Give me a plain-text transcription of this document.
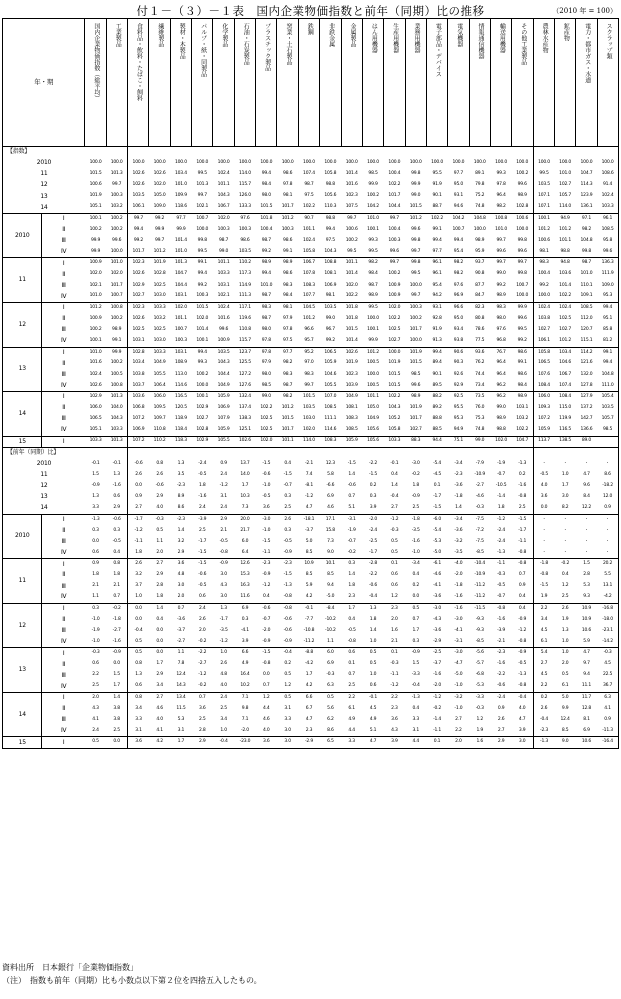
付１－（３）－１表　国内企業物価指数と前年（同期）比の推移	（2010 年 = 100）
年・期		国内企業物価指数（総平均）	工業製品	食料品・飲料・たばこ・飼料	繊維製品	製材・木製品	パルプ・紙・同製品	化学製品	石油・石炭製品	プラスチック製品	窯業・土石製品	鉄鋼	非鉄金属	金属製品	はん用機器	生産用機器	業務用機器	電子部品・デバイス	電気機器	情報通信機器	輸送用機器	その他工業製品	農林水産物	鉱産物	電力・都市ガス・水道	スクラップ類
【指数】																										
2010		100.0	100.0	100.0	100.0	100.0	100.0	100.0	100.0	100.0	100.0	100.0	100.0	100.0	100.0	100.0	100.0	100.0	100.0	100.0	100.0	100.0	100.0	100.0	100.0	100.0
11		101.5	101.3	102.6	102.6	103.4	99.5	102.4	114.0	99.4	98.6	107.4	105.8	101.4	98.5	100.4	99.8	95.5	97.7	89.1	99.3	100.2	99.5	101.0	104.7	108.6
12		100.6	99.7	102.6	102.0	101.0	101.3	101.1	115.7	98.4	97.8	98.7	98.8	101.6	99.9	102.2	99.9	91.9	95.0	79.8	97.8	99.6	103.5	102.7	114.3	91.4
13		101.9	100.3	103.5	105.0	109.9	99.7	104.3	126.0	98.0	98.1	97.5	105.6	102.3	100.2	101.7	99.0	90.1	93.1	75.2	96.4	98.9	107.1	105.7	123.9	102.4
14		105.1	103.2	106.1	109.0	118.6	102.1	106.7	133.3	101.5	101.7	102.2	110.3	107.5	104.2	104.4	101.5	88.7	94.6	74.8	98.2	102.8	107.1	114.0	136.1	103.3
2010	Ⅰ	100.1	100.2	99.7	99.2	97.7	100.7	102.0	97.6	101.8	101.2	90.7	98.8	99.7	101.0	99.7	101.2	102.2	104.2	104.8	100.8	100.6	100.1	94.9	97.1	96.1
	Ⅱ	100.2	100.2	99.4	99.9	99.9	100.0	100.3	100.3	100.4	100.3	101.1	99.4	100.6	100.1	100.4	99.6	99.1	100.7	100.0	101.0	100.0	101.2	101.2	98.2	108.5
	Ⅲ	99.9	99.6	99.2	99.7	101.4	99.8	98.7	98.6	98.7	98.6	102.4	97.5	100.2	99.3	100.3	99.8	99.4	99.4	98.9	99.7	99.8	100.6	101.1	104.8	95.8
	Ⅳ	99.9	100.0	101.7	101.2	101.0	99.5	99.0	103.5	99.2	99.1	105.8	104.3	99.5	99.5	99.6	99.7	97.7	95.4	95.9	99.6	99.6	98.1	98.8	99.8	99.6
11	Ⅰ	100.9	101.0	102.3	101.9	101.3	99.1	101.1	110.2	98.9	98.9	106.7	108.8	101.1	98.2	99.7	99.8	96.1	98.2	93.7	99.7	99.7	98.3	94.8	98.7	136.3
	Ⅱ	102.0	102.0	102.6	102.8	104.7	99.4	103.3	117.3	99.4	98.6	107.8	108.1	101.4	98.4	100.2	99.5	96.1	98.2	90.8	99.0	99.8	100.4	103.6	101.0	111.9
	Ⅲ	102.1	101.7	102.9	102.5	104.4	99.2	103.1	114.9	101.0	98.3	108.3	106.9	102.0	98.7	100.9	100.0	95.4	97.6	87.7	99.2	100.7	99.2	101.4	110.1	109.0
	Ⅳ	101.0	100.7	102.7	103.0	103.1	100.3	102.1	111.3	98.7	98.4	107.7	98.1	102.2	98.9	100.9	99.7	94.2	96.9	84.7	98.9	100.0	100.0	102.2	109.1	95.3
12	Ⅰ	101.2	100.8	102.3	103.3	102.0	101.5	102.4	117.1	98.3	98.1	104.5	103.5	101.8	99.5	102.0	100.3	93.1	96.6	82.3	98.3	99.9	102.4	102.4	108.5	99.4
	Ⅱ	100.9	100.2	102.6	103.2	101.1	102.0	101.6	119.6	98.7	97.9	101.2	99.0	101.8	100.0	102.2	100.2	92.8	95.0	80.8	98.0	99.6	103.8	102.5	112.0	95.1
	Ⅲ	100.2	98.9	102.5	102.5	100.7	101.4	99.6	110.8	98.0	97.8	96.6	96.7	101.5	100.1	102.5	101.7	91.9	93.4	78.6	97.6	99.5	102.7	102.7	120.7	85.8
	Ⅳ	100.1	99.1	103.1	103.0	100.3	100.1	100.9	115.7	97.8	97.5	95.7	99.2	101.4	99.9	102.7	100.0	91.3	93.8	77.5	96.8	99.2	106.1	101.2	115.1	81.2
13	Ⅰ	101.0	99.9	102.8	103.3	103.1	99.4	103.5	123.7	97.8	97.7	95.2	106.5	102.6	101.2	100.0	101.9	99.4	90.6	93.6	76.7	98.6	105.8	103.4	114.2	99.1
	Ⅱ	101.6	100.2	103.4	104.9	108.9	99.3	104.3	125.5	97.9	98.2	97.0	105.9	101.9	100.5	101.9	101.5	89.4	90.3	76.2	96.4	99.1	106.5	104.6	121.6	99.4
	Ⅲ	102.4	100.5	103.8	105.5	113.0	100.2	104.4	127.2	98.0	98.3	98.3	104.6	102.3	100.0	101.5	98.5	90.1	92.6	74.4	96.4	98.6	107.6	106.7	132.0	104.8
	Ⅳ	102.6	100.8	103.7	106.4	114.6	100.0	104.9	127.6	98.5	98.7	99.7	105.5	103.9	100.5	101.5	99.6	89.5	92.9	73.4	96.2	98.4	108.4	107.4	127.8	111.0
14	Ⅰ	102.9	101.3	103.6	106.0	116.5	100.1	105.9	132.4	99.0	98.2	101.5	107.0	104.9	101.1	102.2	98.9	88.2	92.5	73.5	96.2	98.9	106.0	108.4	127.9	105.4
	Ⅱ	106.0	104.0	106.8	109.5	120.5	102.9	106.9	137.4	102.2	101.2	103.5	108.5	108.1	105.0	104.3	101.9	89.2	95.5	76.0	99.0	103.1	109.3	115.0	137.2	103.5
	Ⅲ	106.5	104.3	107.2	109.7	118.9	102.7	107.9	138.3	102.5	101.5	103.0	111.1	108.3	104.9	105.2	101.7	88.8	95.3	75.3	98.9	103.2	107.2	119.9	142.7	105.7
	Ⅳ	105.1	103.3	106.9	110.8	118.4	102.8	105.9	125.1	102.5	101.7	102.0	114.6	108.5	105.6	105.8	102.7	88.5	94.9	74.8	98.8	102.2	105.9	116.5	136.6	98.5
15	Ⅰ	103.3	101.3	107.2	110.2	118.3	102.9	105.5	102.6	102.0	101.1	114.0	108.3	105.9	105.6	103.3	88.3	94.4	75.1	99.0	102.0	104.7	113.7	138.5	89.0	
【前年（同期）比】																										
2010		-0.1	-0.1	-0.6	0.8	1.3	-2.4	0.9	13.7	-1.5	0.4	-2.1	12.3	-1.5	-2.2	-0.1	-3.0	-5.4	-3.4	-7.9	-1.9	-1.3	・	・	・	・
11		1.5	1.3	2.6	2.6	3.5	-0.5	2.4	14.0	-0.6	-1.5	7.4	5.8	1.4	-1.5	0.4	-0.2	-4.5	-2.3	-10.9	-0.7	0.2	-0.5	1.0	4.7	8.6
12		-0.9	-1.6	0.0	-0.6	-2.3	1.8	-1.2	1.7	-1.0	-0.7	-8.1	-6.6	-0.6	0.2	1.4	1.8	0.1	-3.6	-2.7	-10.5	-1.6	4.0	1.7	9.6	-18.2
13		1.3	0.6	0.9	2.9	8.9	-1.6	3.1	10.3	-0.5	0.3	-1.2	6.9	0.7	0.3	-0.4	-0.9	-1.7	-1.8	-4.6	-1.4	-0.8	3.6	3.0	8.4	12.0
14		3.3	2.9	2.7	4.0	8.6	2.4	2.4	7.3	3.6	2.5	4.7	4.6	5.1	3.9	2.7	2.5	-1.5	1.4	-0.3	1.8	2.5	0.0	8.2	12.2	0.9
2010	Ⅰ	-1.3	-0.6	-1.7	-0.3	-2.3	-3.9	2.9	20.0	-3.0	2.6	-18.1	17.1	-3.1	-2.0	-1.2	-1.8	-6.0	-3.4	-7.5	-1.2	-1.5	・	・	・	・
	Ⅱ	0.3	0.3	-1.2	0.5	1.4	2.5	2.1	21.7	-1.0	0.3	-3.7	15.8	-1.9	-2.4	-0.3	-3.5	-5.4	-3.6	-7.2	-2.4	-1.7	・	・	・	・
	Ⅲ	0.0	-0.5	-1.1	1.1	3.2	-1.7	-0.5	6.0	-1.5	-0.5	5.0	7.3	-0.7	-2.5	0.5	-1.6	-5.3	-3.2	-7.5	-2.4	-1.1	・	・	・	・
	Ⅳ	0.6	0.4	1.8	2.0	2.9	-1.5	-0.8	6.4	-1.1	-0.9	8.5	9.0	-0.2	-1.7	0.5	-1.0	-5.0	-3.5	-8.5	-1.3	-0.8	・	・	・	・
11	Ⅰ	0.9	0.8	2.6	2.7	3.6	-1.5	-0.9	12.6	-2.3	-2.3	10.9	10.1	0.3	-2.8	0.1	-3.4	-6.1	-4.0	-10.4	-1.1	-0.8	-1.8	-0.2	1.5	20.2
	Ⅱ	1.8	1.8	3.2	2.9	4.8	-0.6	3.0	15.3	-0.9	-1.5	8.5	8.5	1.4	-2.2	0.6	0.4	-4.6	-2.0	-10.9	-0.3	0.7	-0.8	0.4	2.8	5.5
	Ⅲ	2.1	2.1	3.7	2.8	3.0	-0.5	4.3	16.3	-1.2	-1.3	5.9	9.4	1.8	-0.6	0.6	0.2	-4.1	-1.8	-11.2	-0.5	0.9	-1.5	1.2	5.3	13.1
	Ⅳ	1.1	0.7	1.0	1.8	2.0	0.6	3.0	11.6	0.4	-0.8	4.2	-5.0	2.3	-0.4	1.2	0.0	-3.6	-1.6	-11.2	-0.7	0.4	1.9	2.5	9.3	-4.2
12	Ⅰ	0.3	-0.2	0.0	1.4	0.7	2.4	1.3	6.9	-0.6	-0.8	-0.1	-8.4	1.7	1.3	2.3	0.5	-3.0	-1.6	-11.5	-0.8	0.4	2.2	2.6	10.9	-16.8
	Ⅱ	-1.0	-1.8	0.0	0.4	-3.6	2.6	-1.7	0.3	-0.7	-0.6	-7.7	-10.2	0.4	1.8	2.0	0.7	-4.3	-3.0	-9.3	-1.6	-0.9	3.4	1.9	10.9	-18.0
	Ⅲ	-1.9	-2.7	-0.4	0.0	-3.7	2.0	-3.5	-4.1	-2.0	-0.6	-10.8	-10.2	-0.5	1.4	1.6	1.7	-3.6	-4.1	-9.3	-3.9	-1.2	4.5	1.3	10.6	-23.1
	Ⅳ	-1.0	-1.6	0.5	0.0	-2.7	-0.2	-1.2	3.9	-0.9	-0.9	-11.2	1.1	-0.8	1.0	2.1	0.3	-2.9	-3.1	-8.5	-2.1	-0.8	6.1	1.0	5.9	-14.2
13	Ⅰ	-0.3	-0.9	0.5	0.0	1.1	-2.2	1.0	6.6	-1.5	-0.4	-8.8	6.0	0.6	0.5	0.1	-0.9	-2.5	-3.0	-5.6	-2.3	-0.9	5.4	1.0	4.7	-0.3
	Ⅱ	0.6	0.0	0.8	1.7	7.8	-2.7	2.6	4.9	-0.8	0.2	-4.2	6.9	0.1	0.5	-0.3	1.5	-3.7	-4.7	-5.7	-1.6	-0.5	2.7	2.0	9.7	4.5
	Ⅲ	2.2	1.5	1.3	2.9	12.4	-1.2	4.8	16.4	0.0	0.5	1.7	-0.3	0.7	1.0	-1.1	-3.3	-1.6	-5.0	-6.8	-2.2	-1.3	4.5	0.5	9.4	22.5
	Ⅳ	2.5	1.7	0.6	3.4	14.3	-0.2	4.0	10.2	0.7	1.2	4.2	6.3	2.5	0.6	-1.2	-0.4	-2.0	-1.0	-5.3	-0.6	-0.8	2.2	6.1	11.1	36.7
14	Ⅰ	2.0	1.4	0.8	2.7	13.4	0.7	2.4	7.1	1.2	0.5	6.6	0.5	2.2	-0.1	2.2	-1.3	-1.2	-3.2	-3.3	-2.4	-0.4	0.2	5.0	11.7	6.3
	Ⅱ	4.3	3.8	3.4	4.6	11.5	3.6	2.5	9.8	4.4	3.1	6.7	5.6	6.1	4.5	2.3	0.4	-0.2	-1.0	-0.3	0.9	4.0	2.6	9.9	12.8	4.1
	Ⅲ	4.1	3.8	3.3	4.0	5.3	2.5	3.4	7.1	4.6	3.3	4.7	6.2	4.9	4.9	3.6	3.3	-1.4	2.7	1.2	2.6	4.7	-0.4	12.4	8.1	0.9
	Ⅳ	2.4	2.5	3.1	4.1	3.1	2.8	1.0	-2.0	4.0	3.0	2.3	8.6	4.4	5.1	4.3	3.1	-1.1	2.2	1.9	2.7	3.9	-2.3	8.5	6.9	-11.3
15	Ⅰ	0.5	0.0	3.6	4.2	1.7	2.9	-0.4	-23.0	3.6	3.0	-2.9	6.5	3.3	4.7	3.9	4.4	0.1	2.0	1.6	2.9	3.0	-1.3	9.0	10.6	-16.4
資料出所　日本銀行「企業物価指数」
（注）　指数も前年（同期）比も小数点以下第２位を四捨五入したもの。
